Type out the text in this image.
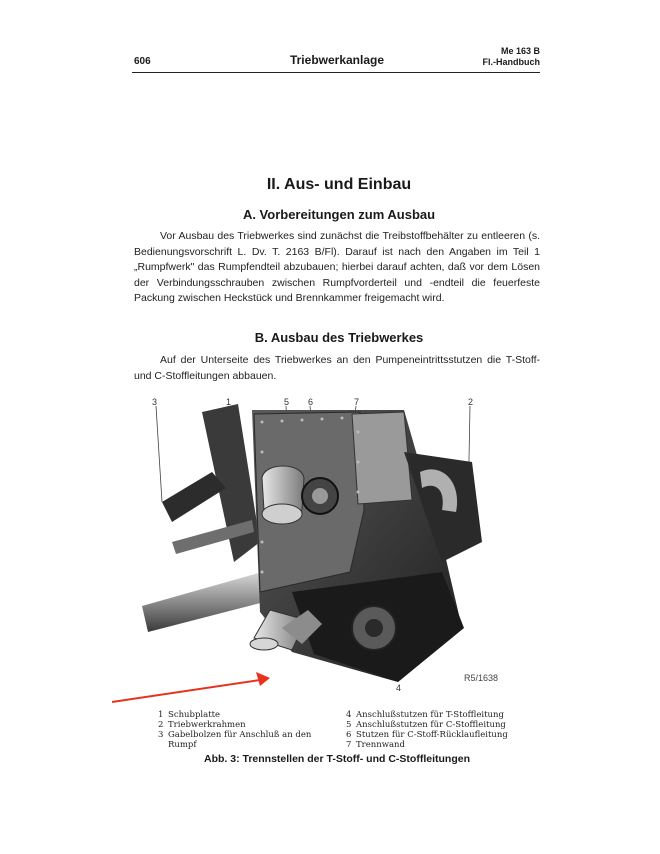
606	Triebwerkanlage
Me 163 B
Fl.-Handbuch
II. Aus- und Einbau
A. Vorbereitungen zum Ausbau
Vor Ausbau des Triebwerkes sind zunächst die Treibstoffbehälter zu entleeren (s. Bedienungsvorschrift L. Dv. T. 2163 B/Fl). Darauf ist nach den Angaben im Teil 1 „Rumpfwerk" das Rumpfendteil abzubauen; hierbei darauf achten, daß vor dem Lösen der Verbindungsschrauben zwischen Rumpfvorderteil und -endteil die feuerfeste Packung zwischen Heckstück und Brennkammer freigemacht wird.
B. Ausbau des Triebwerkes
Auf der Unterseite des Triebwerkes an den Pumpeneintrittsstutzen die T-Stoff- und C-Stoffleitungen abbauen.
3	1	5 6	7	2
4
R5/1638
1 Schubplatte
2 Triebwerkrahmen
3 Gabelbolzen für Anschluß an den Rumpf
4 Anschlußstutzen für T-Stoffleitung
5 Anschlußstutzen für C-Stoffleitung
6 Stutzen für C-Stoff-Rücklaufleitung
7 Trennwand
Abb. 3: Trennstellen der T-Stoff- und C-Stoffleitungen
